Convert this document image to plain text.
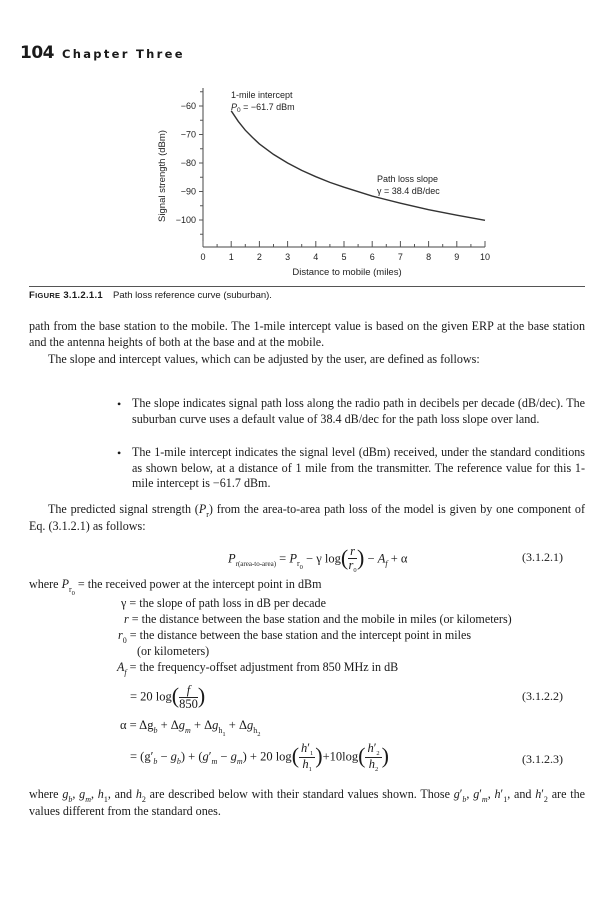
104 Chapter Three
−60
−70
−80
−90
−100
0	1	2	3	4	5	6	7	8	9 10
1-mile intercept
$P_0 = -61.7$ dBm
Path loss slope
γ = 38.4 dB/dec
Distance to mobile (miles)
Signal strength (dBm)
FIGURE 3.1.2.1.1 Path loss reference curve (suburban).
path from the base station to the mobile. The 1-mile intercept value is based on the given ERP at the base station and the antenna heights of both at the base and at the mobile.
The slope and intercept values, which can be adjusted by the user, are defined as follows:
• The slope indicates signal path loss along the radio path in decibels per decade (dB/dec). The suburban curve uses a default value of 38.4 dB/dec for the path loss slope over land.
• The 1-mile intercept indicates the signal level (dBm) received, under the standard conditions as shown below, at a distance of 1 mile from the transmitter. The reference value for this 1-mile intercept is −61.7 dBm.
The predicted signal strength $(P_r)$ from the area-to-area path loss of the model is given by one component of Eq. (3.1.2.1) as follows:
$P_{r(area-to-area)} = P_{r_0} - \gamma$ $\log( \frac{r}{r_0}$ ) − $A_f + \alpha$	(3.1.2.1)
where $P_{r_0}$ = the received power at the intercept point in dBm
γ = the slope of path loss in dB per decade
r = the distance between the base station and the mobile in miles (or kilometers)
$r_0$ = the distance between the base station and the intercept point in miles
(or kilometers)
$A_f$ = the frequency-offset adjustment from 850 MHz in dB
= 20 $\log( \frac{f}{850}$ )	(3.1.2.2)
$\alpha = \Delta g_b + \Delta g_m + \Delta g_{h_1} + \Delta g_{h_2}$
= $(g'_b - g_b) + (g'_m - g_m) + 20$ $\log( \frac{h'_1}{h_1} )+10\log( \frac{h'_2}{h_2}$ )	(3.1.2.3)
where $g_b$, $g_m$, $h_1$, and $h_2$ are described below with their standard values shown. Those $g'_b$, $g'_m$, $h'_1$, and $h'_2$ are the values different from the standard ones.
